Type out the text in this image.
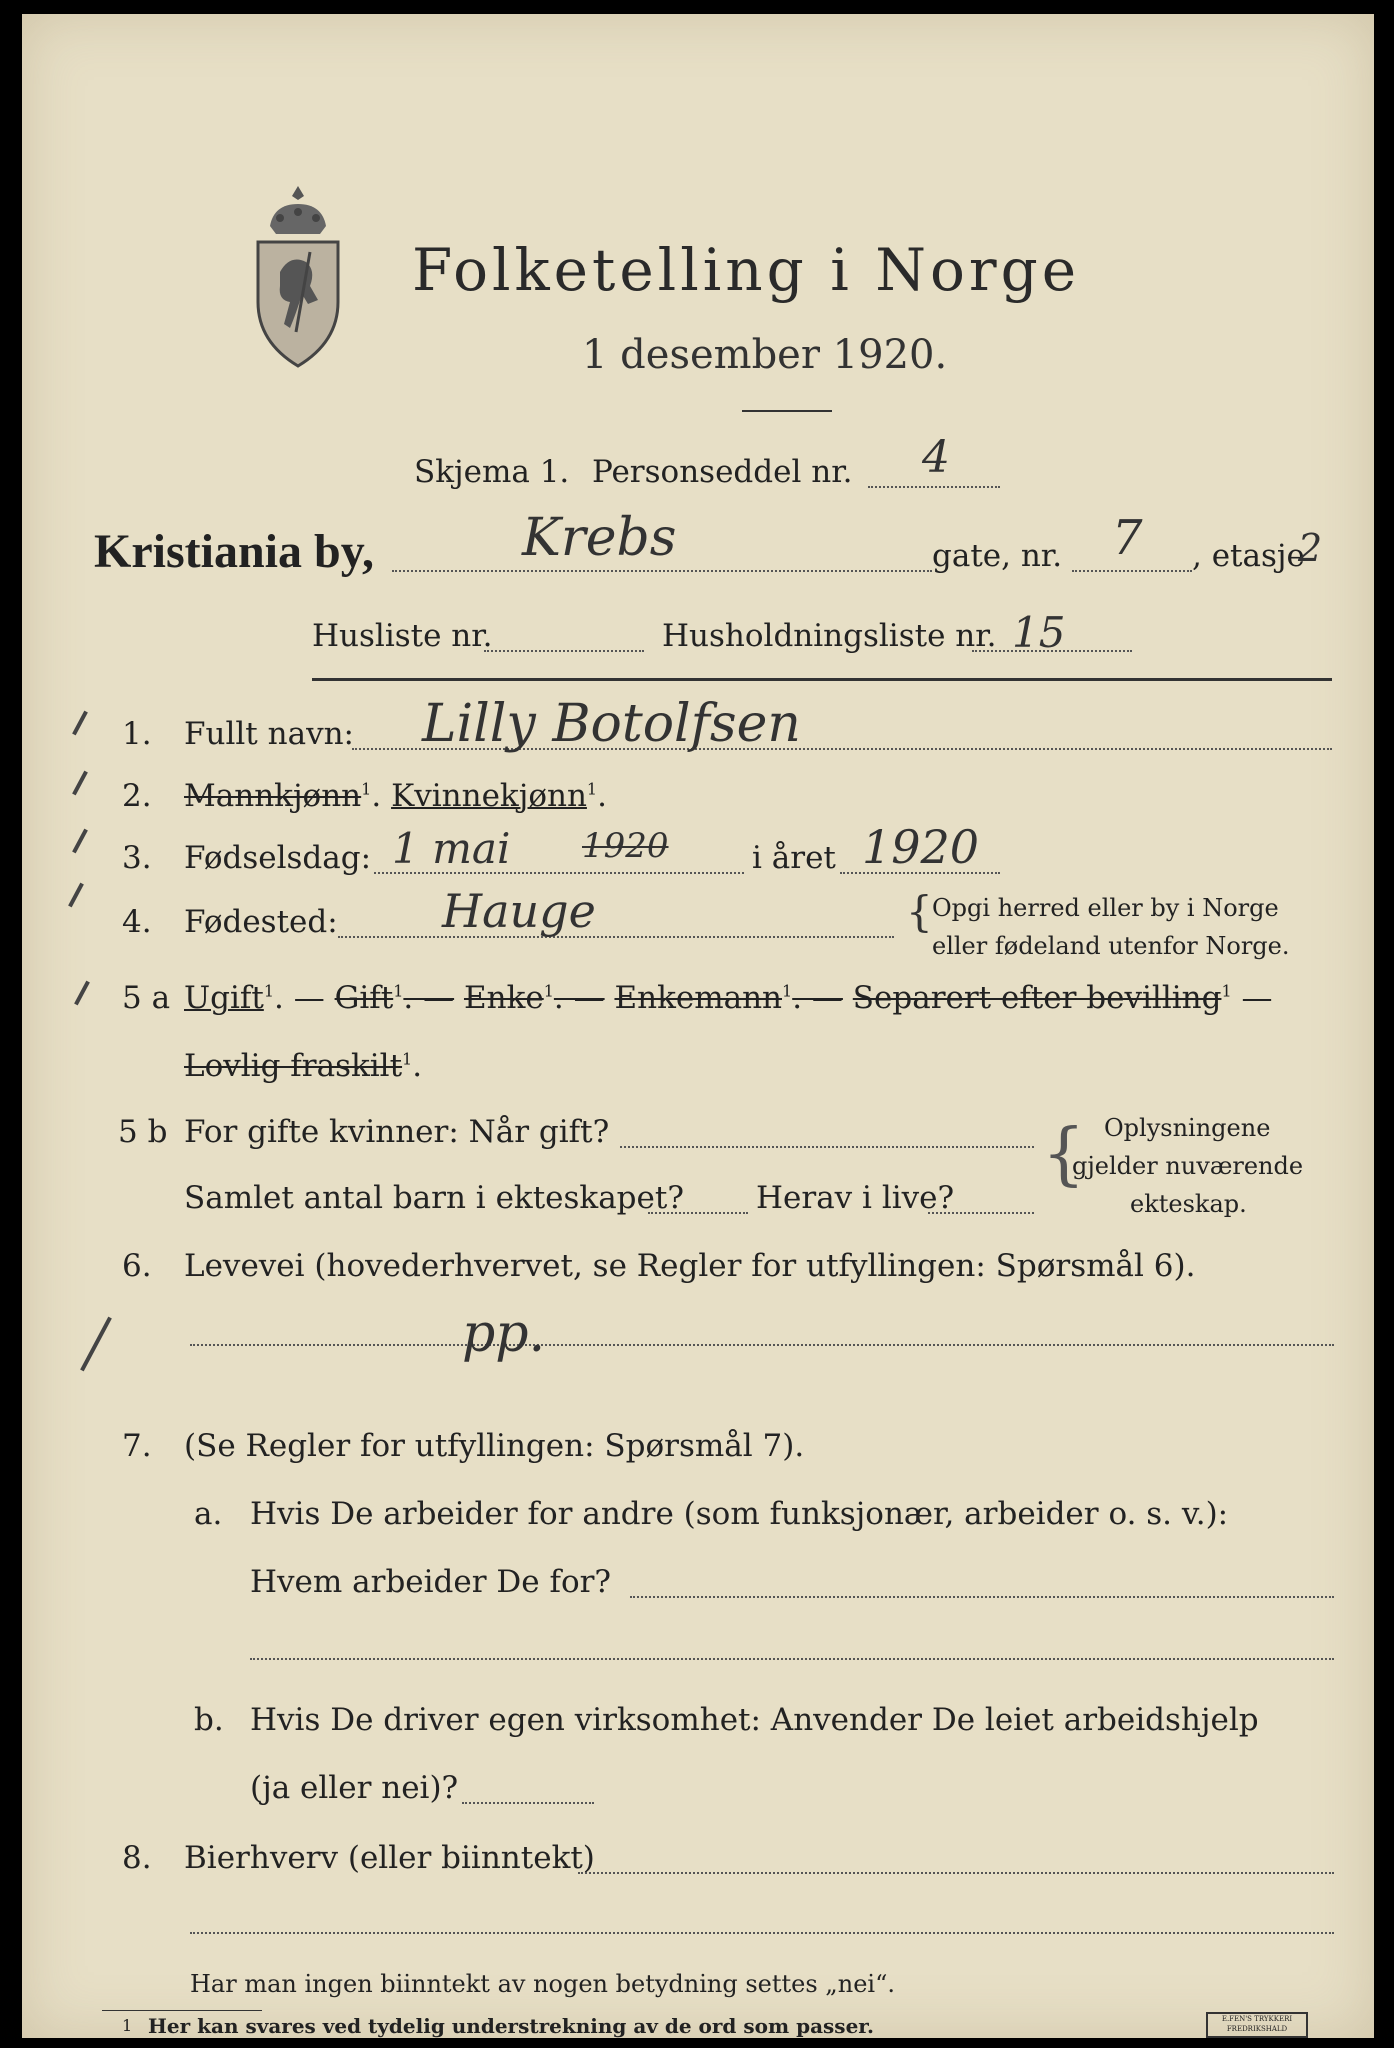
Folketelling i Norge
1 desember 1920.
Skjema 1. Personseddel nr. 4
Kristiania by,	Krebs	gate, nr. 7 , etasje
2
Husliste nr.	Husholdningsliste nr. 15
1. Fullt navn: Lilly Botolfsen
2. Mannkjønn$^1$. Kvinnekjønn$^1$.
3. Fødselsdag: 1 mai 1920	i året 1920
4. Fødested: Hauge	{ Opgi herred eller by i Norge
eller fødeland utenfor Norge.
5 a Ugift$^1$. — Gift$^1$. — Enke$^1$. — Enkemann$^1$. — Separert efter bevilling$^1$ —
Lovlig fraskilt$^1$.
5 b For gifte kvinner: Når gift?
Samlet antal barn i ekteskapet? Herav i live?
{ Oplysningene
gjelder nuværende
ekteskap.
6. Levevei (hovederhvervet, se Regler for utfyllingen: Spørsmål 6).
pp.
7. (Se Regler for utfyllingen: Spørsmål 7).
a. Hvis De arbeider for andre (som funksjonær, arbeider o. s. v.):
Hvem arbeider De for?
b. Hvis De driver egen virksomhet: Anvender De leiet arbeidshjelp
(ja eller nei)?
8. Bierhverv (eller biinntekt)
Har man ingen biinntekt av nogen betydning settes „nei“.
1 Her kan svares ved tydelig understrekning av de ord som passer.	E.FEN'S TRYKKERI FREDRIKSHALD
